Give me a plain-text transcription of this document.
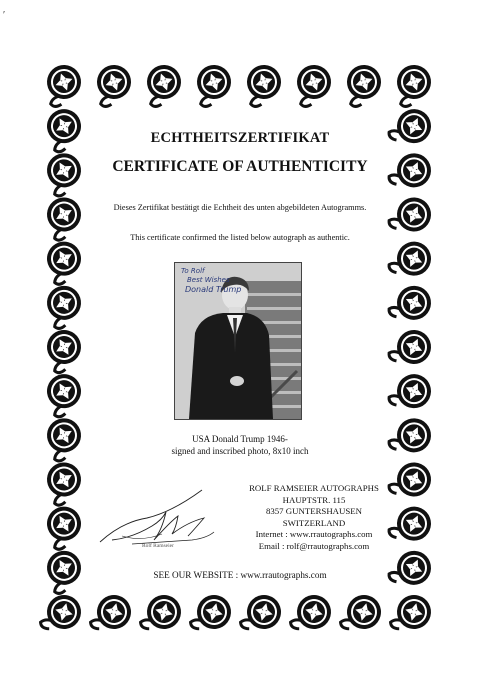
′
ECHTHEITSZERTIFIKAT
CERTIFICATE OF AUTHENTICITY
Dieses Zertifikat bestätigt die Echtheit des unten abgebildeten Autogramms.
This certificate confirmed the listed below autograph as authentic.
To Rolf
Best Wishes
Donald Trump
USA Donald Trump 1946-
signed and inscribed photo, 8x10 inch
Rolf Ramseier
ROLF RAMSEIER AUTOGRAPHS
HAUPTSTR. 115
8357 GUNTERSHAUSEN
SWITZERLAND
Internet : www.rrautographs.com
Email : rolf@rrautographs.com
SEE OUR WEBSITE : www.rrautographs.com
